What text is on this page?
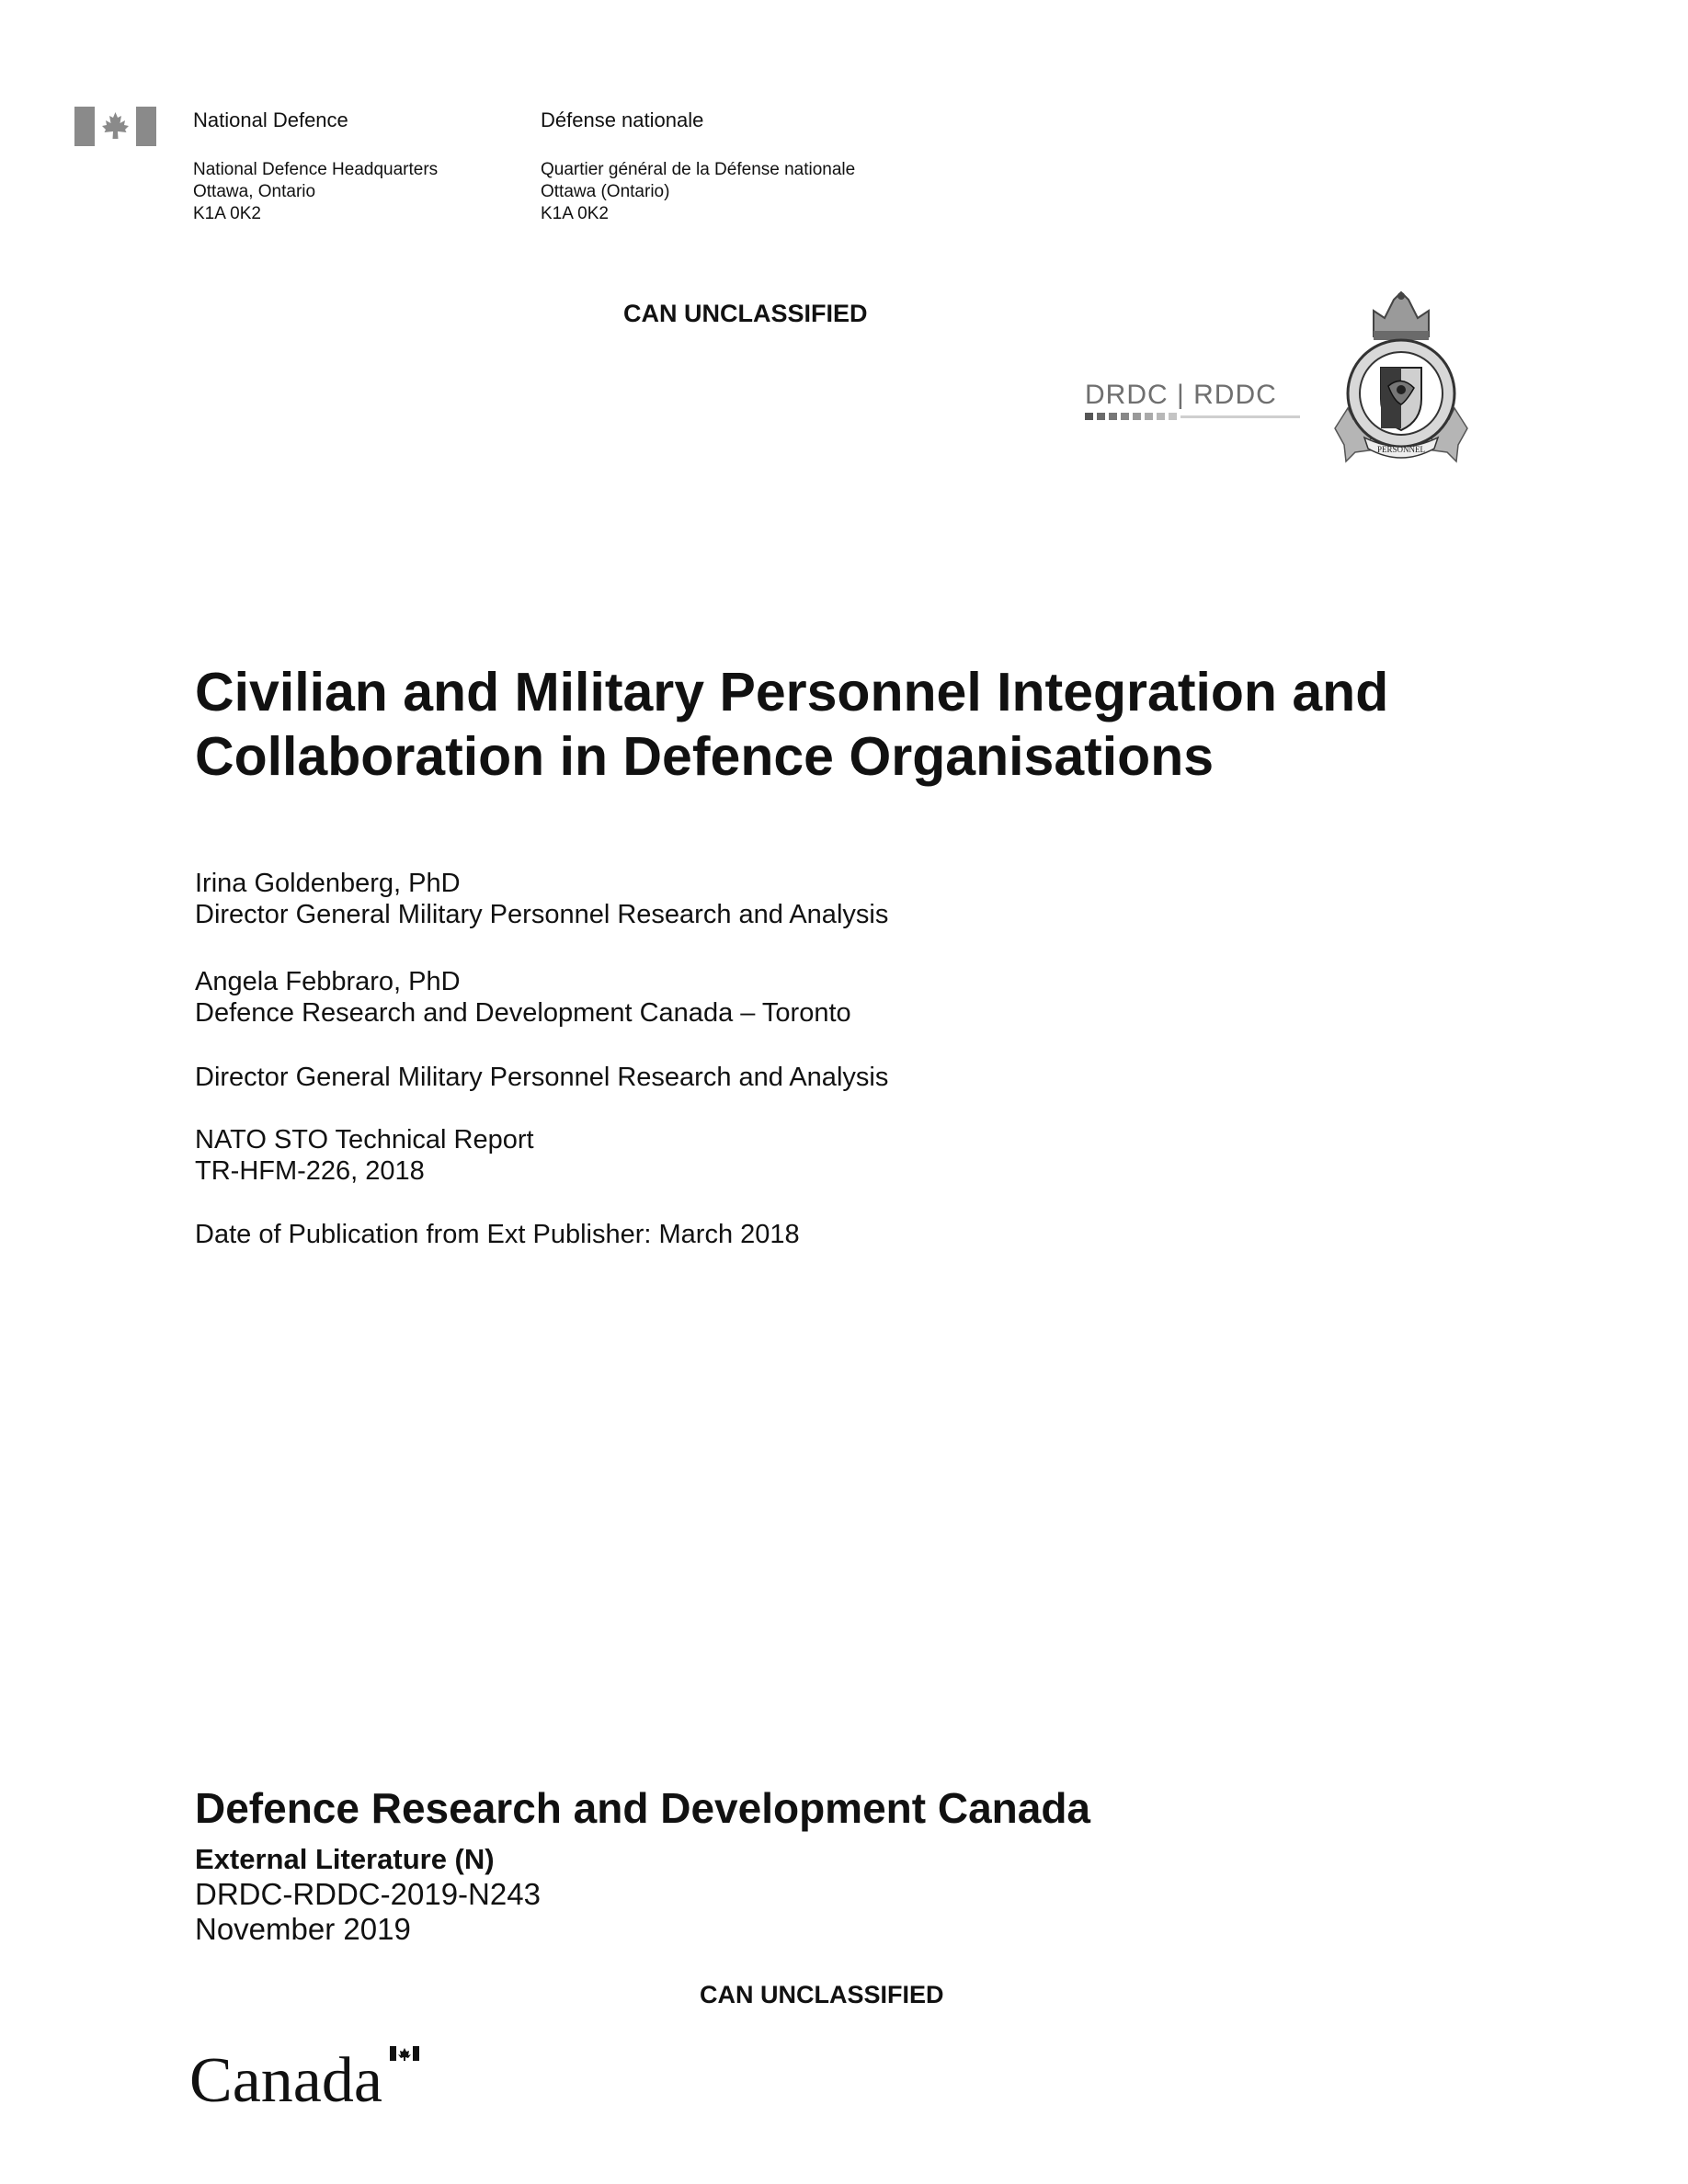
National Defence	Défense nationale
National Defence Headquarters
Ottawa, Ontario
K1A 0K2
Quartier général de la Défense nationale
Ottawa (Ontario)
K1A 0K2
CAN UNCLASSIFIED
DRDC | RDDC
PERSONNEL
Civilian and Military Personnel Integration and
Collaboration in Defence Organisations
Irina Goldenberg, PhD
Director General Military Personnel Research and Analysis
Angela Febbraro, PhD
Defence Research and Development Canada – Toronto
Director General Military Personnel Research and Analysis
NATO STO Technical Report
TR-HFM-226, 2018
Date of Publication from Ext Publisher: March 2018
Defence Research and Development Canada
External Literature (N)
DRDC-RDDC-2019-N243
November 2019
CAN UNCLASSIFIED
Canada
